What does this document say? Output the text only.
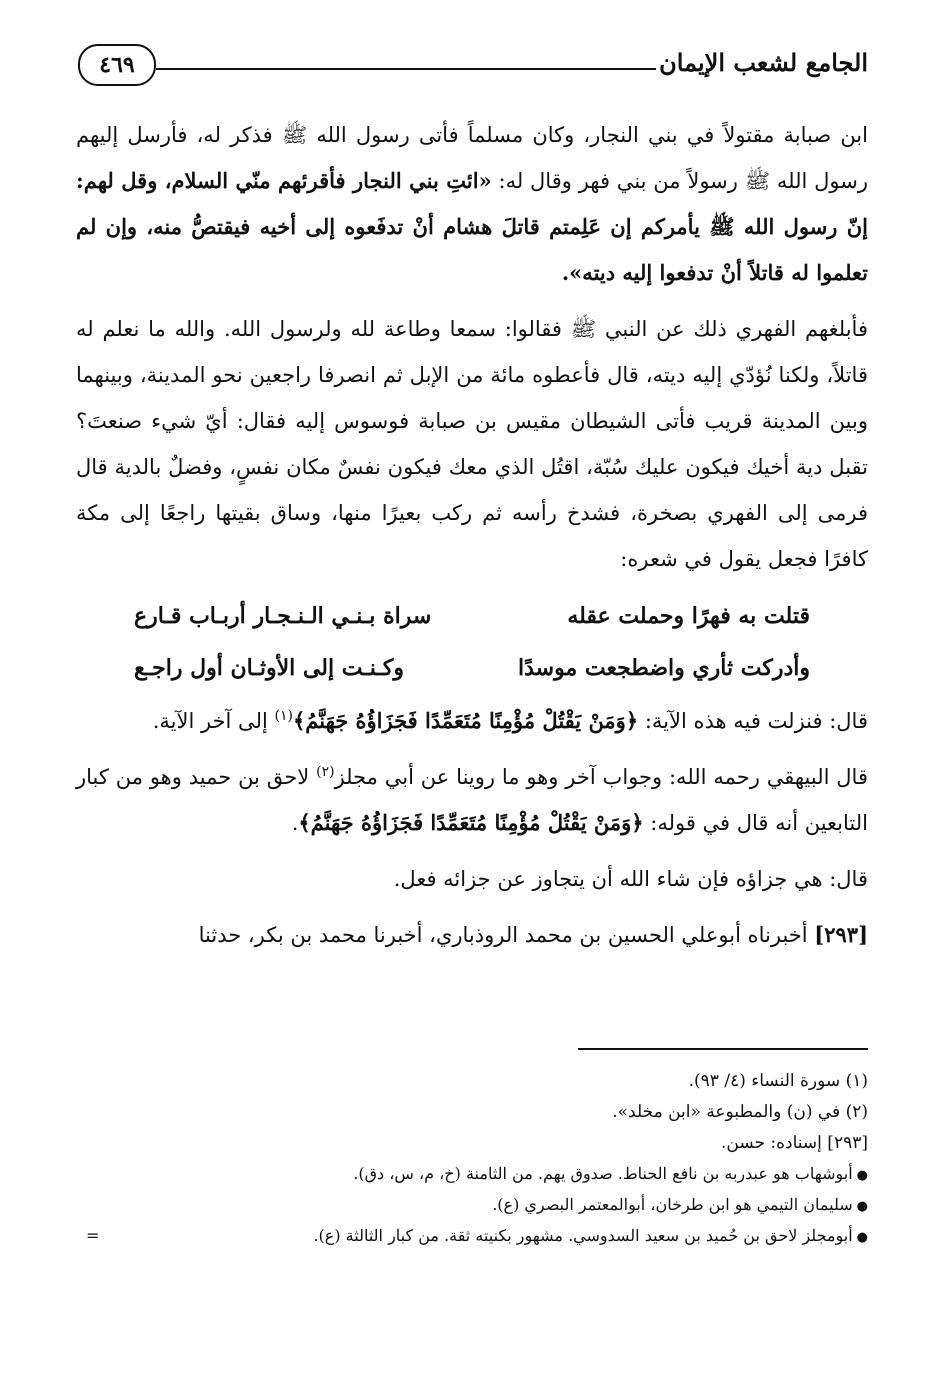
الجامع لشعب الإيمان
٤٦٩

ابن صبابة مقتولاً في بني النجار، وكان مسلماً فأتى رسول الله ﷺ فذكر له، فأرسل إليهم رسول الله ﷺ رسولاً من بني فهر وقال له: «ائتِ بني النجار فأقرئهم منّي السلام، وقل لهم: إنّ رسول الله ﷺ يأمركم إن عَلِمتم قاتلَ هشام أنْ تدفَعوه إلى أخيه فيقتصُّ منه، وإن لم تعلموا له قاتلاً أنْ تدفعوا إليه ديته».

فأبلغهم الفهري ذلك عن النبي ﷺ فقالوا: سمعا وطاعة لله ولرسول الله. والله ما نعلم له قاتلاً، ولكنا نُؤدّي إليه ديته، قال فأعطوه مائة من الإبل ثم انصرفا راجعين نحو المدينة، وبينهما وبين المدينة قريب فأتى الشيطان مقيس بن صبابة فوسوس إليه فقال: أيّ شيء صنعتَ؟ تقبل دية أخيك فيكون عليك سُبّة، اقتُل الذي معك فيكون نفسٌ مكان نفسٍ، وفضلٌ بالدية قال فرمى إلى الفهري بصخرة، فشدخ رأسه ثم ركب بعيرًا منها، وساق بقيتها راجعًا إلى مكة كافرًا فجعل يقول في شعره:

قتلت به فهرًا وحملت عقله
سراة بـنـي الـنـجـار أربـاب قـارع
وأدركت ثأري واضطجعت موسدًا
وكـنـت إلى الأوثـان أول راجـع

قال: فنزلت فيه هذه الآية: ﴿وَمَنْ يَقْتُلْ مُؤْمِنًا مُتَعَمِّدًا فَجَزَاؤُهُ جَهَنَّمُ﴾$^{(١)}$ إلى آخر الآية.

قال البيهقي رحمه الله: وجواب آخر وهو ما روينا عن أبي مجلز$^{(٢)}$ لاحق بن حميد وهو من كبار التابعين أنه قال في قوله: ﴿وَمَنْ يَقْتُلْ مُؤْمِنًا مُتَعَمِّدًا فَجَزَاؤُهُ جَهَنَّمُ﴾.

قال: هي جزاؤه فإن شاء الله أن يتجاوز عن جزائه فعل.

[٢٩٣] أخبرناه أبوعلي الحسين بن محمد الروذباري، أخبرنا محمد بن بكر، حدثنا

(١) سورة النساء (٤/ ٩٣).

(٢) في (ن) والمطبوعة «ابن مخلد».

[٢٩٣] إسناده: حسن.

●أبوشهاب هو عبدربه بن نافع الحناط. صدوق يهم. من الثامنة (خ، م، س، دق).

●سليمان التيمي هو ابن طرخان، أبوالمعتمر البصري (ع).

●أبومجلز لاحق بن حُميد بن سعيد السدوسي. مشهور بكنيته ثقة. من كبار الثالثة (ع).
=
